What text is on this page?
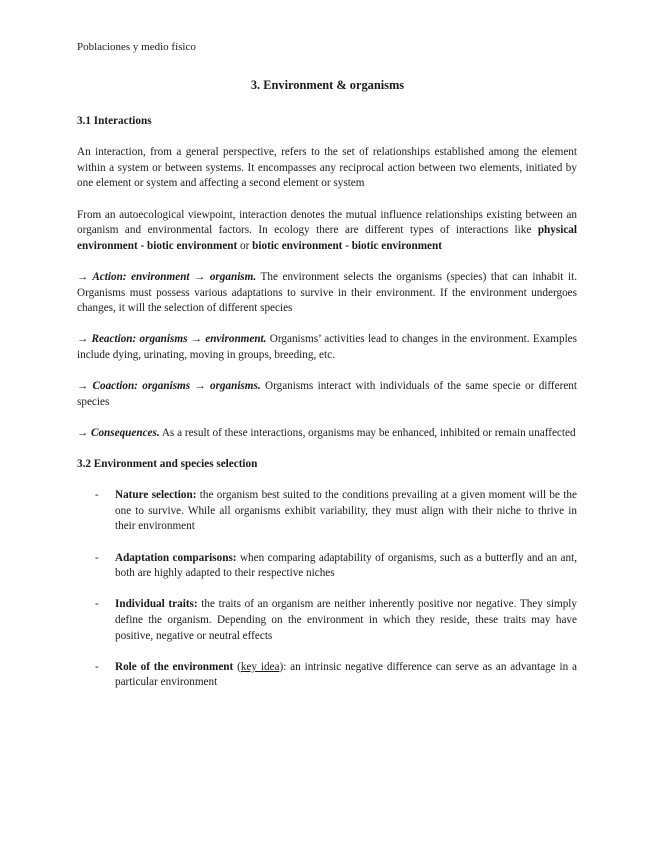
Poblaciones y medio físico
3. Environment & organisms
3.1 Interactions

An interaction, from a general perspective, refers to the set of relationships established among the element within a system or between systems. It encompasses any reciprocal action between two elements, initiated by one element or system and affecting a second element or system

From an autoecological viewpoint, interaction denotes the mutual influence relationships existing between an organism and environmental factors. In ecology there are different types of interactions like physical environment - biotic environment or biotic environment - biotic environment

→ Action: environment → organism. The environment selects the organisms (species) that can inhabit it. Organisms must possess various adaptations to survive in their environment. If the environment undergoes changes, it will the selection of different species

→ Reaction: organisms → environment. Organisms’ activities lead to changes in the environment. Examples include dying, urinating, moving in groups, breeding, etc.

→ Coaction: organisms → organisms. Organisms interact with individuals of the same specie or different species

→ Consequences. As a result of these interactions, organisms may be enhanced, inhibited or remain unaffected

3.2 Environment and species selection
- Nature selection: the organism best suited to the conditions prevailing at a given moment will be the one to survive. While all organisms exhibit variability, they must align with their niche to thrive in their environment
- Adaptation comparisons: when comparing adaptability of organisms, such as a butterfly and an ant, both are highly adapted to their respective niches
- Individual traits: the traits of an organism are neither inherently positive nor negative. They simply define the organism. Depending on the environment in which they reside, these traits may have positive, negative or neutral effects
- Role of the environment (key idea): an intrinsic negative difference can serve as an advantage in a particular environment
